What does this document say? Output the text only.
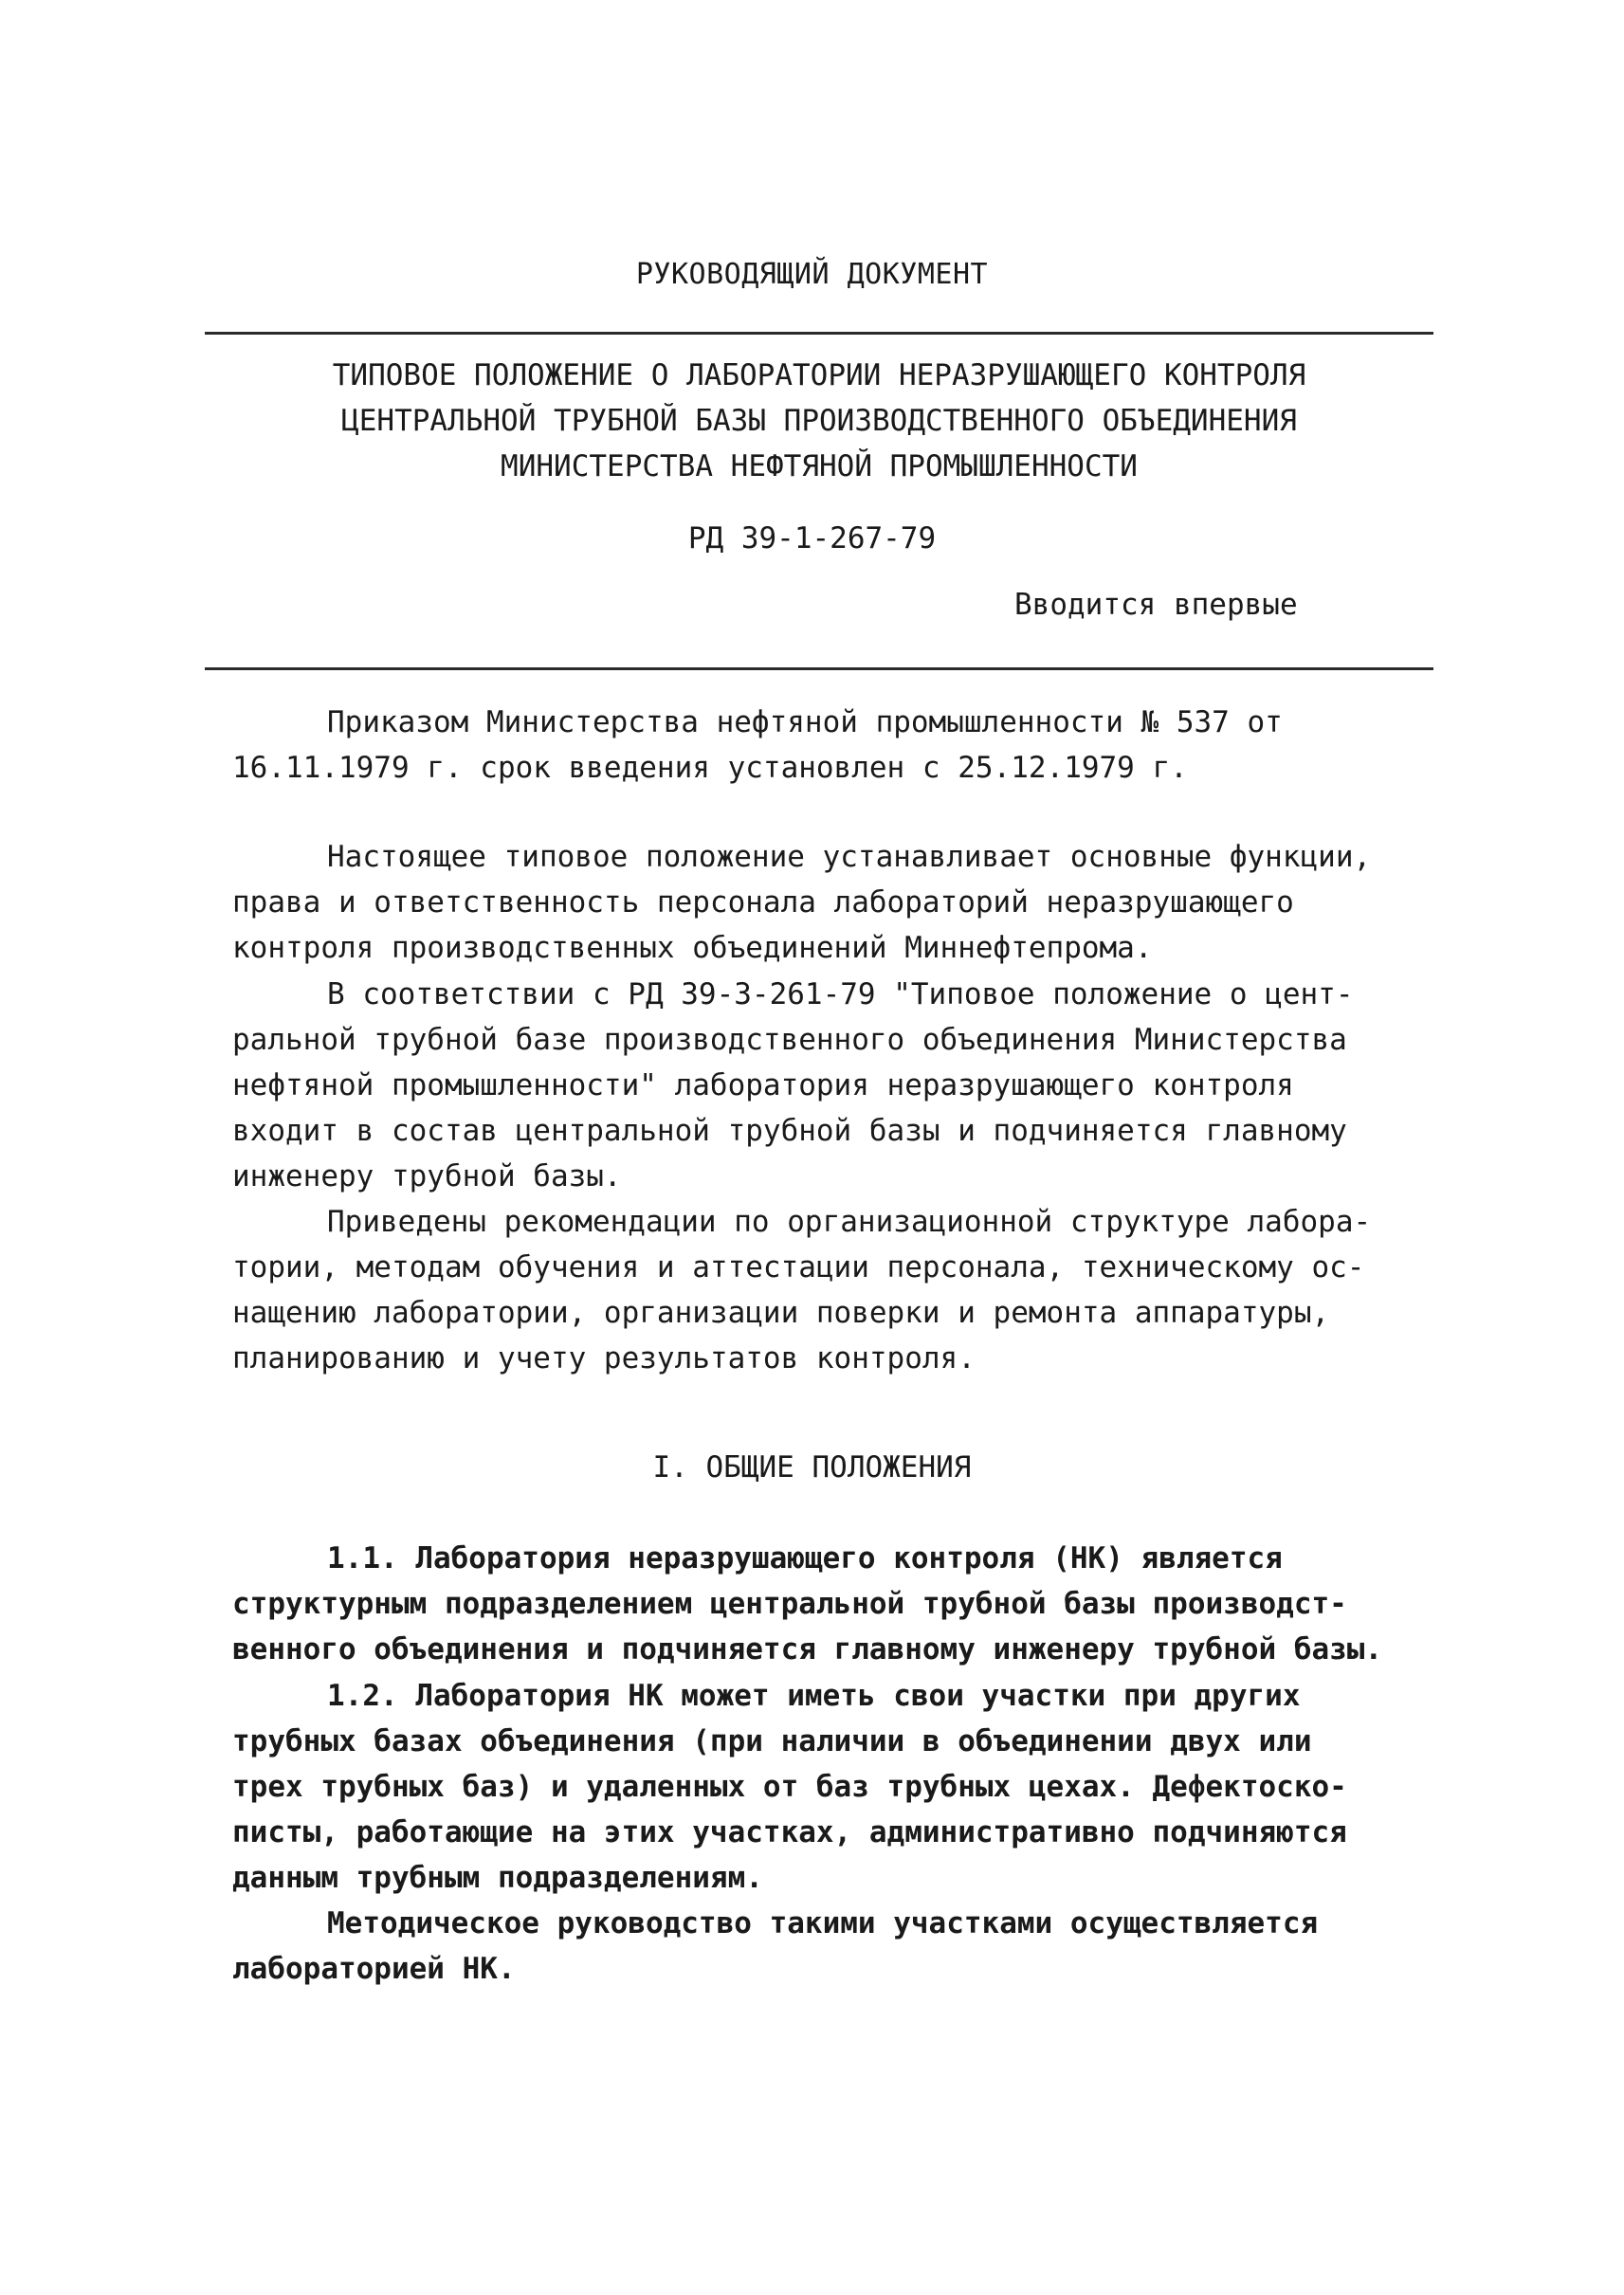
РУКОВОДЯЩИЙ ДОКУМЕНТ
ТИПОВОЕ ПОЛОЖЕНИЕ О ЛАБОРАТОРИИ НЕРАЗРУШАЮЩЕГО КОНТРОЛЯ
ЦЕНТРАЛЬНОЙ ТРУБНОЙ БАЗЫ ПРОИЗВОДСТВЕННОГО ОБЪЕДИНЕНИЯ
МИНИСТЕРСТВА НЕФТЯНОЙ ПРОМЫШЛЕННОСТИ
РД 39-1-267-79
Вводится впервые
Приказом Министерства нефтяной промышленности № 537 от
16.11.1979 г. срок введения установлен с 25.12.1979 г.
Настоящее типовое положение устанавливает основные функции,
права и ответственность персонала лабораторий неразрушающего
контроля производственных объединений Миннефтепрома.
В соответствии с РД 39-3-261-79 "Типовое положение о цент-
ральной трубной базе производственного объединения Министерства
нефтяной промышленности" лаборатория неразрушающего контроля
входит в состав центральной трубной базы и подчиняется главному
инженеру трубной базы.
Приведены рекомендации по организационной структуре лабора-
тории, методам обучения и аттестации персонала, техническому ос-
нащению лаборатории, организации поверки и ремонта аппаратуры,
планированию и учету результатов контроля.
I. ОБЩИЕ ПОЛОЖЕНИЯ
1.1. Лаборатория неразрушающего контроля (НК) является
структурным подразделением центральной трубной базы производст-
венного объединения и подчиняется главному инженеру трубной базы.
1.2. Лаборатория НК может иметь свои участки при других
трубных базах объединения (при наличии в объединении двух или
трех трубных баз) и удаленных от баз трубных цехах. Дефектоско-
писты, работающие на этих участках, административно подчиняются
данным трубным подразделениям.
Методическое руководство такими участками осуществляется
лабораторией НК.
